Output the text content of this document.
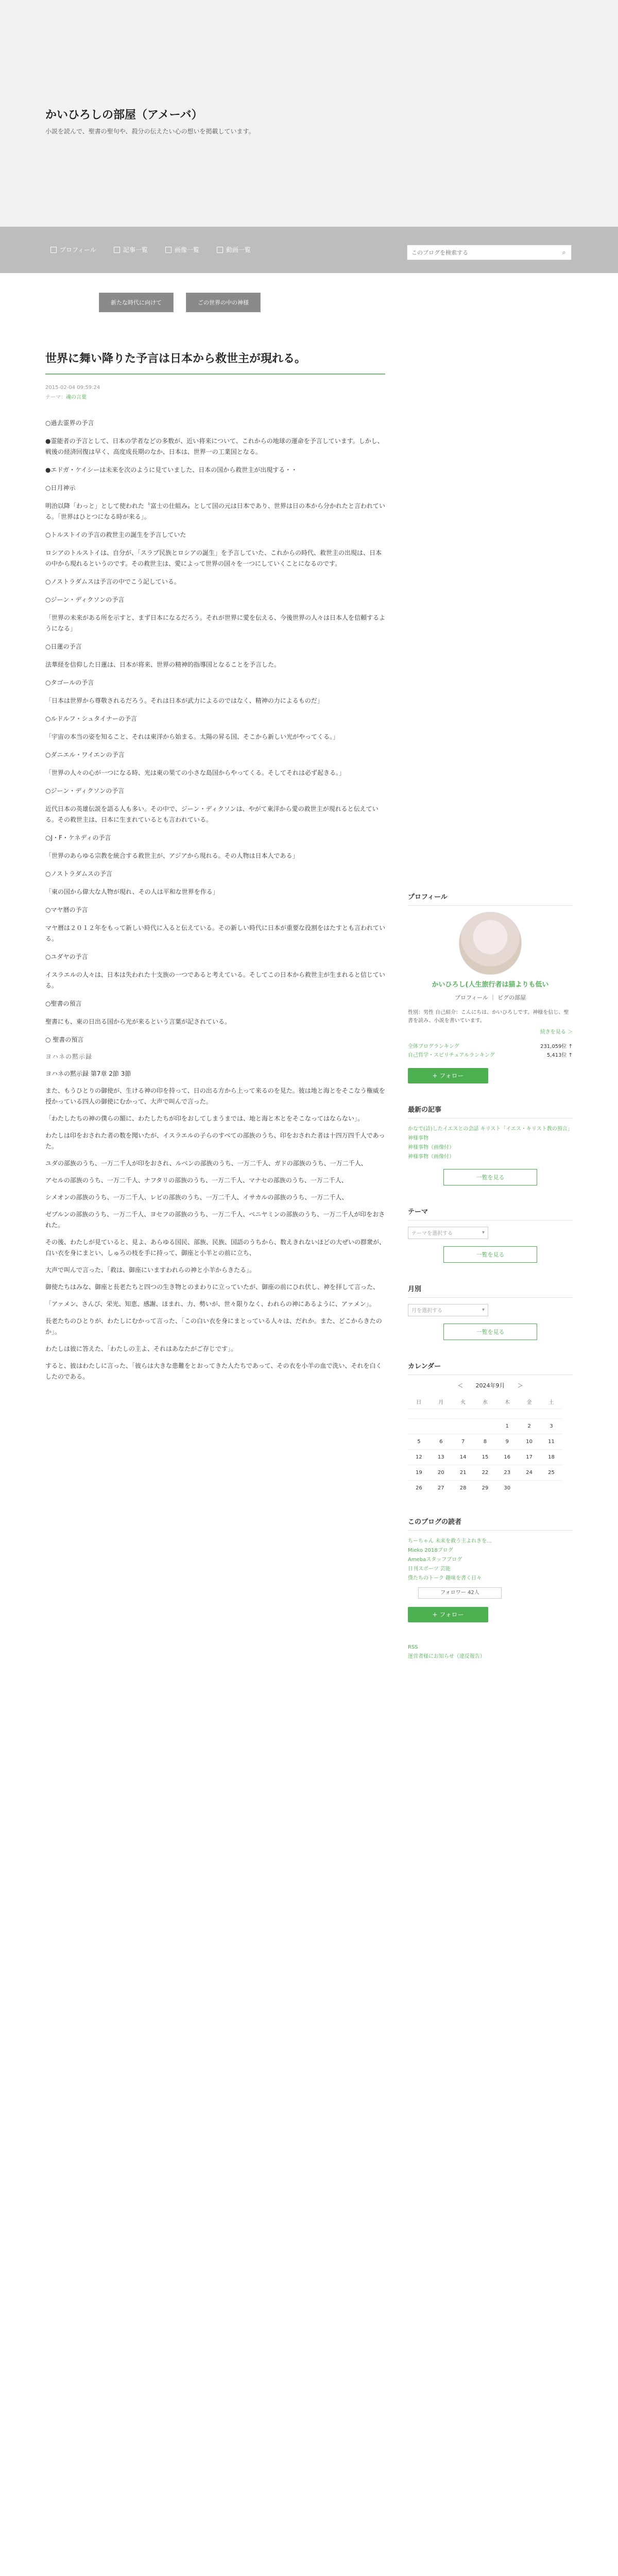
かいひろしの部屋（アメーバ）
小説を読んで、聖書の聖句や、殺分の伝えたい心の想いを掲載しています。
プロフィール	記事一覧	画像一覧	動画一覧
このブログを検索する	⌕
新たな時代に向けて	ごの世界の中の神様
世界に舞い降りた予言は日本から救世主が現れる。
2015-02-04 09:59:24
テーマ：魂の言葉

○過去霊界の予言

●霊能者の予言として、日本の学者などの多数が、近い将来について、これからの地球の運命を予言しています。しかし、戦後の経済回復は早く、高度成長期のなか、日本は、世界一の工業国となる。

●エドガ・ケイシーは未来を次のように見ていました、日本の国から救世主が出現する・・

○日月神示

明治以降「わっと」として使われた〝富士の仕組み〟として国の元は日本であり、世界は日の本から分かれたと言われている。「世界はひとつになる時が来る」。

○トルストイの予言の救世主の誕生を予言していた

ロシアのトルストイは、自分が、「スラブ民族とロシアの誕生」を予言していた、これからの時代、救世主の出現は、日本の中から現れるというのです。その救世主は、愛によって世界の国々を一つにしていくことになるのです。

○ノストラダムスは予言の中でこう記している。

○ジーン・ディクソンの予言

「世界の未来がある所を示すと、まず日本になるだろう。それが世界に愛を伝える、今後世界の人々は日本人を信頼するようになる」

○日蓮の予言

法華経を信仰した日蓮は、日本が将来、世界の精神的指導国となることを予言した。

○タゴールの予言

「日本は世界から尊敬されるだろう。それは日本が武力によるのではなく、精神の力によるものだ」

○ルドルフ・シュタイナーの予言

「宇宙の本当の姿を知ること、それは東洋から始まる。太陽の昇る国、そこから新しい光がやってくる。」

○ダニエル・ワイエンの予言

「世界の人々の心が一つになる時、光は東の果ての小さな島国からやってくる。そしてそれは必ず起きる。」

○ジーン・ディクソンの予言

近代日本の英雄伝説を語る人も多い。その中で、ジーン・ディクソンは、やがて東洋から愛の救世主が現れると伝えている。その救世主は、日本に生まれているとも言われている。

○J・F・ケネディの予言

「世界のあらゆる宗教を統合する救世主が、アジアから現れる。その人物は日本人である」

○ノストラダムスの予言

「東の国から偉大な人物が現れ、その人は平和な世界を作る」

○マヤ暦の予言

マヤ暦は２０１２年をもって新しい時代に入ると伝えている。その新しい時代に日本が重要な役割をはたすとも言われている。

○ユダヤの予言

イスラエルの人々は、日本は失われた十支族の一つであると考えている。そしてこの日本から救世主が生まれると信じている。

○聖書の預言

聖書にも、東の日出る国から光が来るという言葉が記されている。

○ 聖書の預言

ヨハネの黙示録

ヨハネの黙示録 第7章 2節 3節

また、もうひとりの御使が、生ける神の印を持って、日の出る方から上って来るのを見た。彼は地と海とをそこなう権威を授かっている四人の御使にむかって、大声で叫んで言った。

「わたしたちの神の僕らの額に、わたしたちが印をおしてしまうまでは、地と海と木とをそこなってはならない」。

わたしは印をおされた者の数を聞いたが、イスラエルの子らのすべての部族のうち、印をおされた者は十四万四千人であった。

ユダの部族のうち、一万二千人が印をおされ、ルベンの部族のうち、一万二千人、ガドの部族のうち、一万二千人、

アセルの部族のうち、一万二千人、ナフタリの部族のうち、一万二千人、マナセの部族のうち、一万二千人、

シメオンの部族のうち、一万二千人、レビの部族のうち、一万二千人、イサカルの部族のうち、一万二千人、

ゼブルンの部族のうち、一万二千人、ヨセフの部族のうち、一万二千人、ベニヤミンの部族のうち、一万二千人が印をおされた。

その後、わたしが見ていると、見よ、あらゆる国民、部族、民族、国語のうちから、数えきれないほどの大ぜいの群衆が、白い衣を身にまとい、しゅろの枝を手に持って、御座と小羊との前に立ち、

大声で叫んで言った、「救は、御座にいますわれらの神と小羊からきたる」。

御使たちはみな、御座と長老たちと四つの生き物とのまわりに立っていたが、御座の前にひれ伏し、神を拝して言った、

「アァメン、さんび、栄光、知恵、感謝、ほまれ、力、勢いが、世々限りなく、われらの神にあるように、アァメン」。

長老たちのひとりが、わたしにむかって言った、「この白い衣を身にまとっている人々は、だれか。また、どこからきたのか」。

わたしは彼に答えた、「わたしの主よ、それはあなたがご存じです」。

すると、彼はわたしに言った、「彼らは大きな患難をとおってきた人たちであって、その衣を小羊の血で洗い、それを白くしたのである。

プロフィール
かいひろし(人生旅行者は猫よりも低い
プロフィール ｜ ピグの部屋
性別：男性 自己紹介：こんにちは、かいひろしです。神様を信じ、聖書を読み、小説を書いています。
続きを見る ＞
全体ブログランキング	231,059位 ↑
自己哲学・スピリチュアルランキング	5,413位 ↑
+ フォロー
最新の記事
かなで(詩)したイエスとの会話 キリスト「イエス・キリスト教の預言」
神様事物
神様事物（画像付）
神様事物（画像付）
一覧を見る
テーマ
テーマを選択する	▾
一覧を見る
月別
月を選択する	▾
一覧を見る
カレンダー
＜ 2024年9月 ＞
日	月	火	水	木	金	土

				1	2	3
5	6	7	8	9	10	11
12	13	14	15	16	17	18
19	20	21	22	23	24	25
26	27	28	29	30		
このブログの読者
ちーちゃん 未来を救う主よれきを...
Mieko 2018ブログ
Amebaスタッフブログ
日刊スポーツ 芸能
僕たちのトーク 趣味を書く日々
フォロワー 42人
+ フォロー
RSS
運営者様にお知らせ（違反報告）
